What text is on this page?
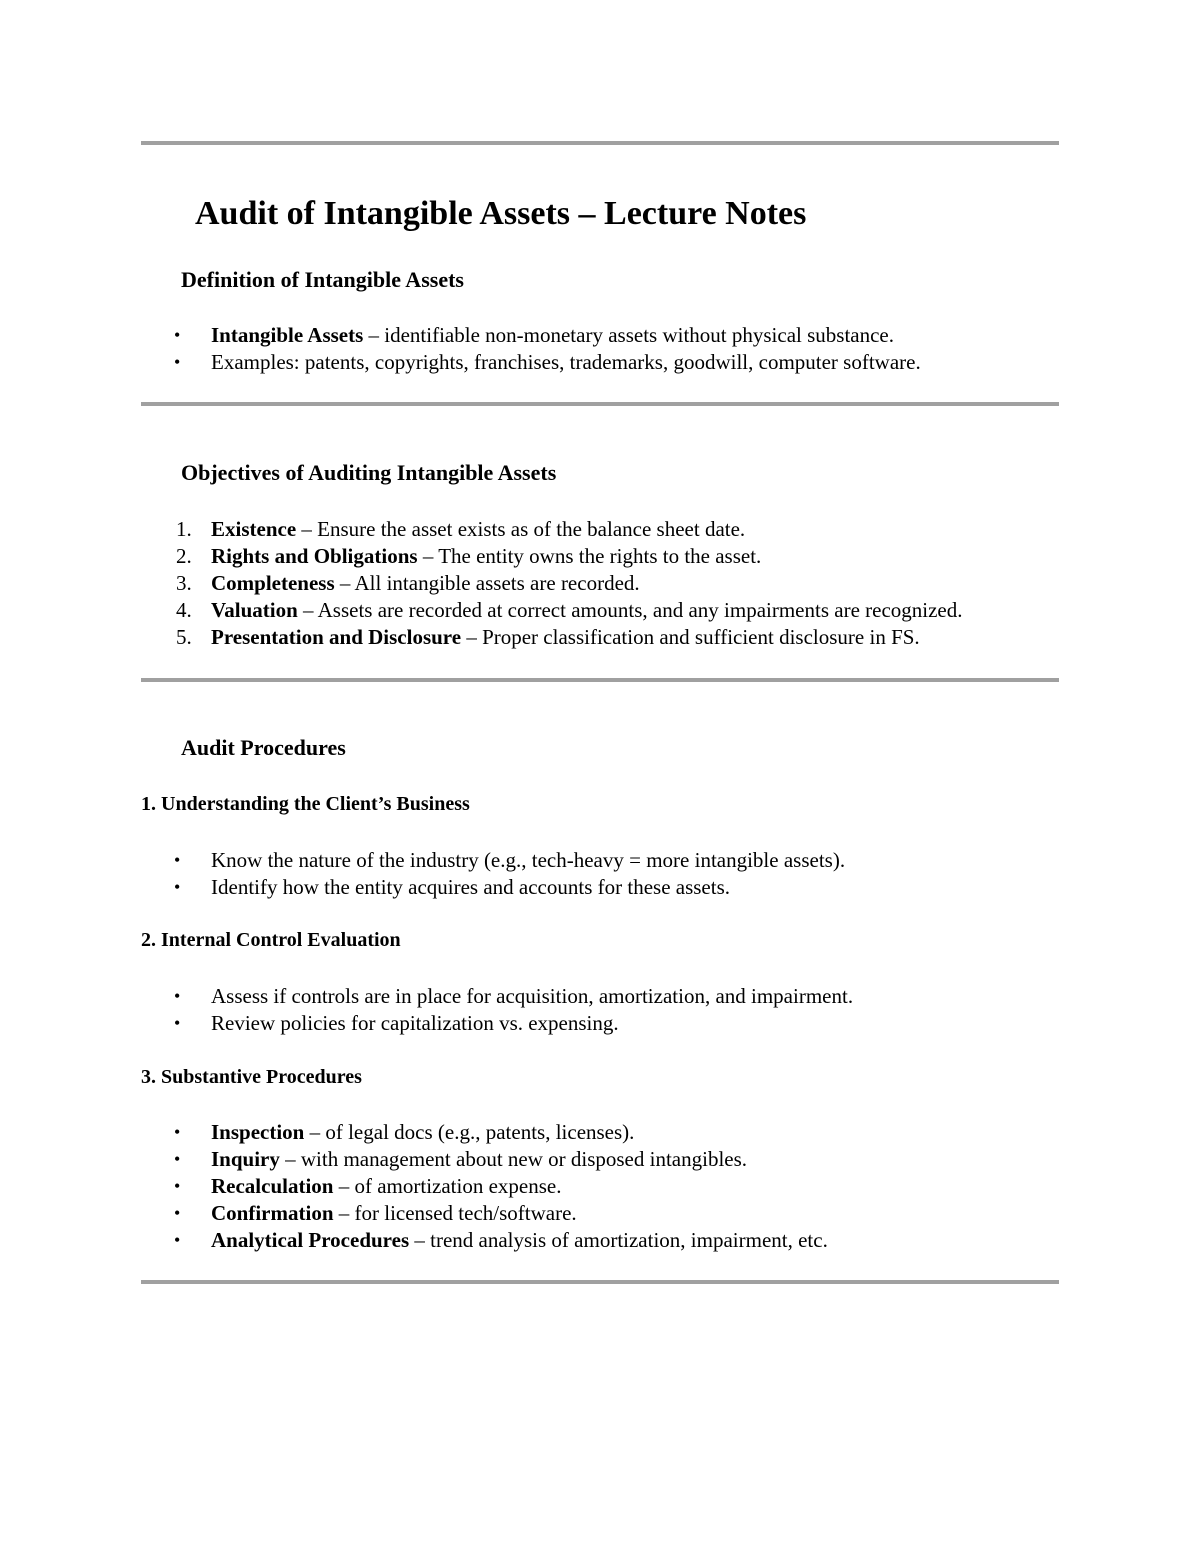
Audit of Intangible Assets – Lecture Notes
Definition of Intangible Assets
• Intangible Assets – identifiable non-monetary assets without physical substance.
• Examples: patents, copyrights, franchises, trademarks, goodwill, computer software.
Objectives of Auditing Intangible Assets
1. Existence – Ensure the asset exists as of the balance sheet date.
2. Rights and Obligations – The entity owns the rights to the asset.
3. Completeness – All intangible assets are recorded.
4. Valuation – Assets are recorded at correct amounts, and any impairments are recognized.
5. Presentation and Disclosure – Proper classification and sufficient disclosure in FS.
Audit Procedures
1. Understanding the Client’s Business
• Know the nature of the industry (e.g., tech-heavy = more intangible assets).
• Identify how the entity acquires and accounts for these assets.
2. Internal Control Evaluation
• Assess if controls are in place for acquisition, amortization, and impairment.
• Review policies for capitalization vs. expensing.
3. Substantive Procedures
• Inspection – of legal docs (e.g., patents, licenses).
• Inquiry – with management about new or disposed intangibles.
• Recalculation – of amortization expense.
• Confirmation – for licensed tech/software.
• Analytical Procedures – trend analysis of amortization, impairment, etc.
